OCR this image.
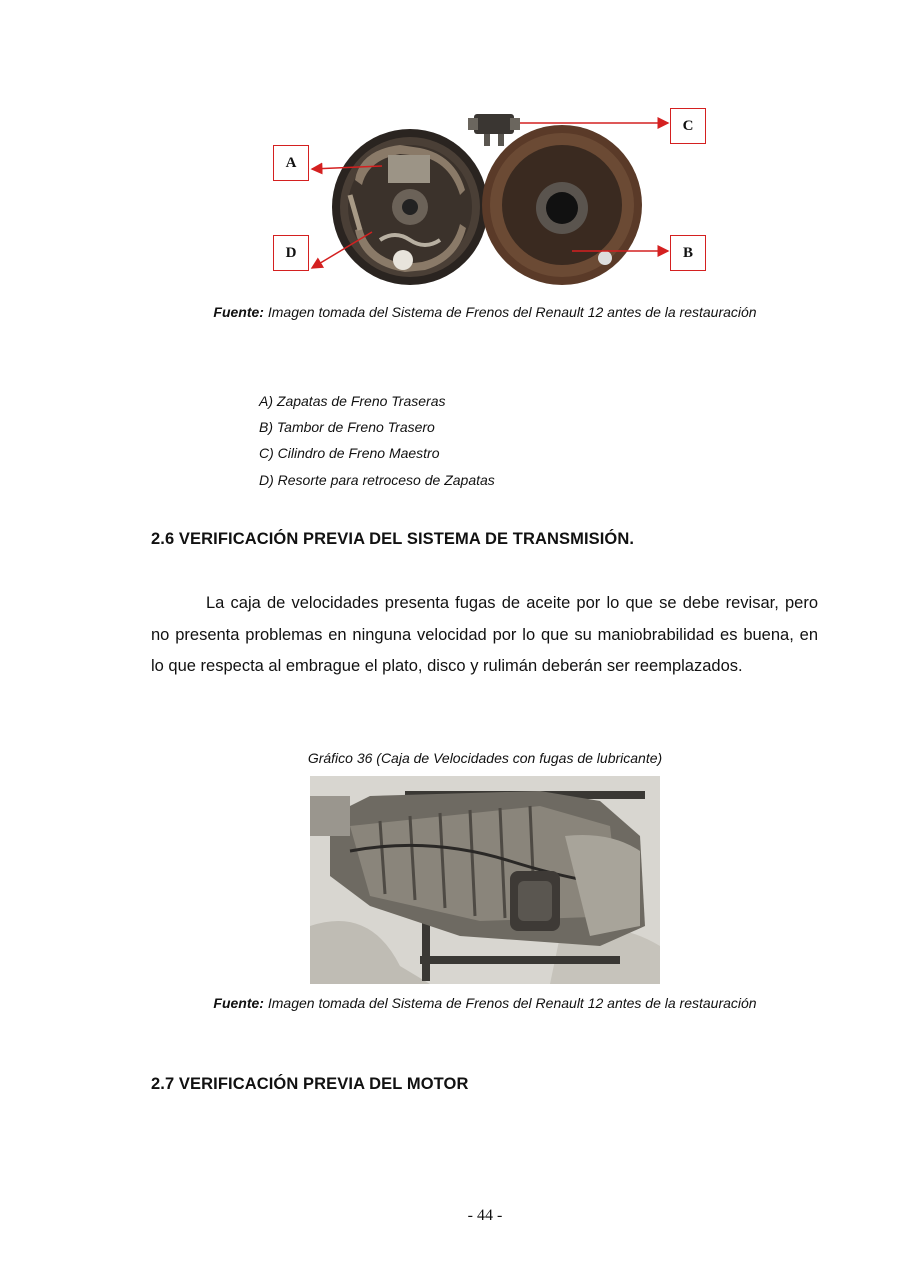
C
A
D	B
Fuente: Imagen tomada del Sistema de Frenos del Renault 12 antes de la restauración
A) Zapatas de Freno Traseras
B) Tambor de Freno Trasero
C) Cilindro de Freno Maestro
D) Resorte para retroceso de Zapatas
2.6 VERIFICACIÓN PREVIA DEL SISTEMA DE TRANSMISIÓN.

La caja de velocidades presenta fugas de aceite por lo que se debe revisar, pero no presenta problemas en ninguna velocidad por lo que su maniobrabilidad es buena, en lo que respecta al embrague el plato, disco y rulimán deberán ser reemplazados.

Gráfico 36 (Caja de Velocidades con fugas de lubricante)
Fuente: Imagen tomada del Sistema de Frenos del Renault 12 antes de la restauración
2.7 VERIFICACIÓN PREVIA DEL MOTOR
- 44 -
